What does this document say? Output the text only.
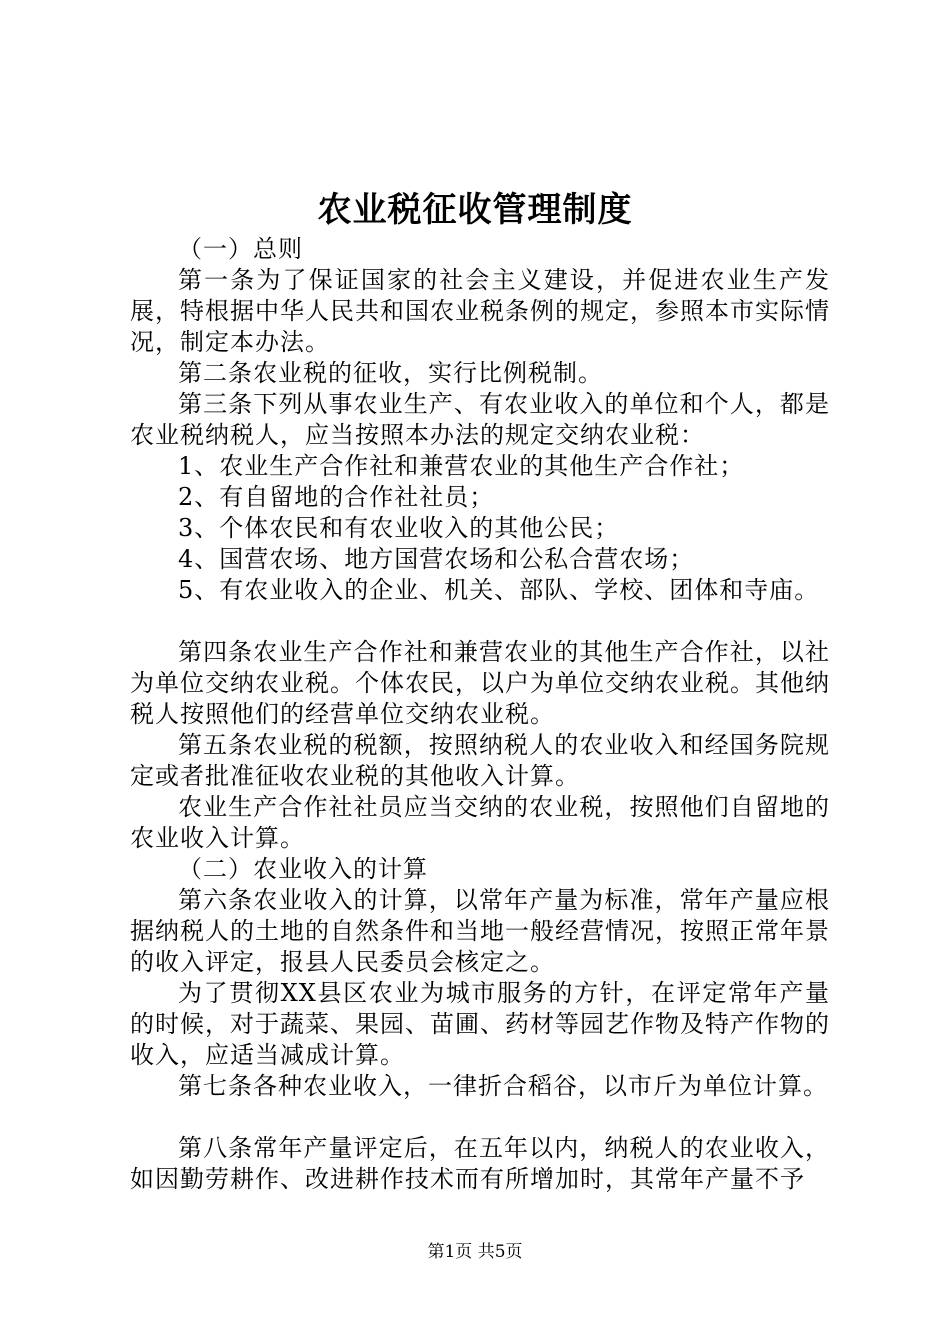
农业税征收管理制度

（一）总则

第一条为了保证国家的社会主义建设，并促进农业生产发展，特根据中华人民共和国农业税条例的规定，参照本市实际情况，制定本办法。

第二条农业税的征收，实行比例税制。

第三条下列从事农业生产、有农业收入的单位和个人，都是农业税纳税人，应当按照本办法的规定交纳农业税：

1、农业生产合作社和兼营农业的其他生产合作社；

2、有自留地的合作社社员；

3、个体农民和有农业收入的其他公民；

4、国营农场、地方国营农场和公私合营农场；

5、有农业收入的企业、机关、部队、学校、团体和寺庙。

第四条农业生产合作社和兼营农业的其他生产合作社，以社为单位交纳农业税。个体农民，以户为单位交纳农业税。其他纳税人按照他们的经营单位交纳农业税。

第五条农业税的税额，按照纳税人的农业收入和经国务院规定或者批准征收农业税的其他收入计算。

农业生产合作社社员应当交纳的农业税，按照他们自留地的农业收入计算。

（二）农业收入的计算

第六条农业收入的计算，以常年产量为标准，常年产量应根据纳税人的土地的自然条件和当地一般经营情况，按照正常年景的收入评定，报县人民委员会核定之。

为了贯彻XX县区农业为城市服务的方针，在评定常年产量的时候，对于蔬菜、果园、苗圃、药材等园艺作物及特产作物的收入，应适当减成计算。

第七条各种农业收入，一律折合稻谷，以市斤为单位计算。

第八条常年产量评定后，在五年以内，纳税人的农业收入，如因勤劳耕作、改进耕作技术而有所增加时，其常年产量不予

第1页 共5页
